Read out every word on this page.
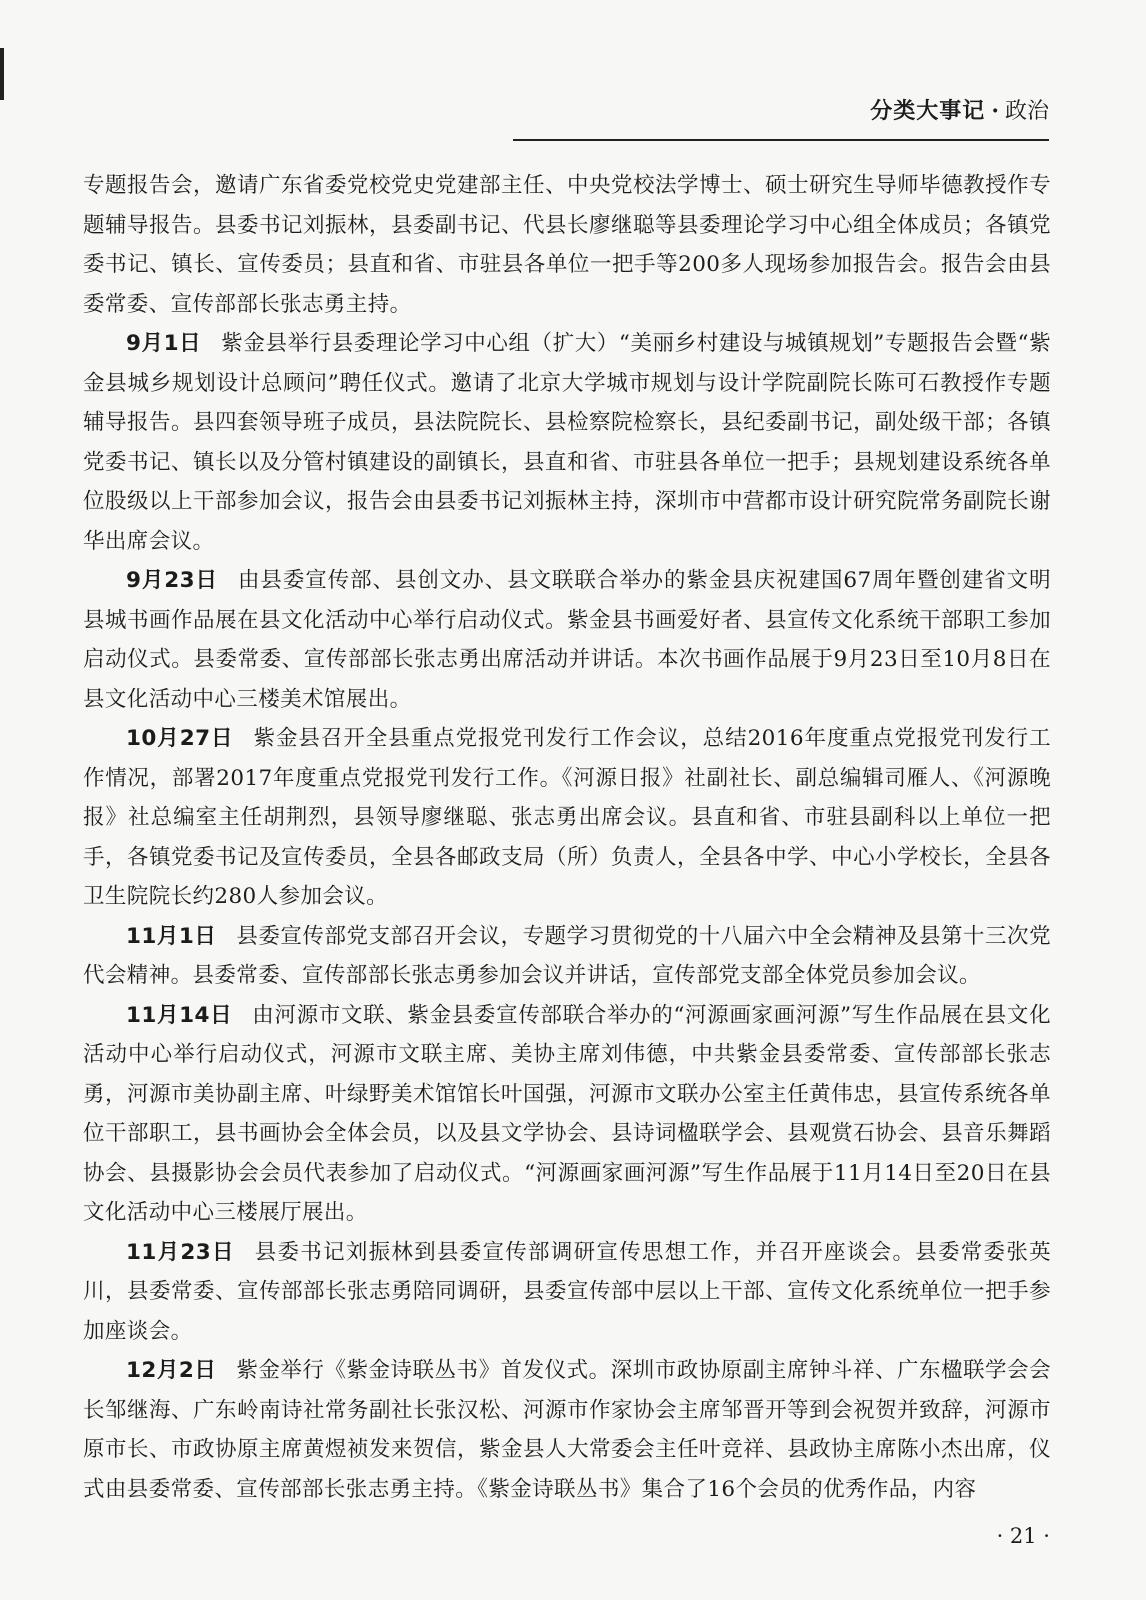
分类大事记 · 政治

专题报告会，邀请广东省委党校党史党建部主任、中央党校法学博士、硕士研究生导师毕德教授作专题辅导报告。县委书记刘振林，县委副书记、代县长廖继聪等县委理论学习中心组全体成员；各镇党委书记、镇长、宣传委员；县直和省、市驻县各单位一把手等200多人现场参加报告会。报告会由县委常委、宣传部部长张志勇主持。

9月1日 紫金县举行县委理论学习中心组（扩大）“美丽乡村建设与城镇规划”专题报告会暨“紫金县城乡规划设计总顾问”聘任仪式。邀请了北京大学城市规划与设计学院副院长陈可石教授作专题辅导报告。县四套领导班子成员，县法院院长、县检察院检察长，县纪委副书记，副处级干部；各镇党委书记、镇长以及分管村镇建设的副镇长，县直和省、市驻县各单位一把手；县规划建设系统各单位股级以上干部参加会议，报告会由县委书记刘振林主持，深圳市中营都市设计研究院常务副院长谢华出席会议。

9月23日 由县委宣传部、县创文办、县文联联合举办的紫金县庆祝建国67周年暨创建省文明县城书画作品展在县文化活动中心举行启动仪式。紫金县书画爱好者、县宣传文化系统干部职工参加启动仪式。县委常委、宣传部部长张志勇出席活动并讲话。本次书画作品展于9月23日至10月8日在县文化活动中心三楼美术馆展出。

10月27日 紫金县召开全县重点党报党刊发行工作会议，总结2016年度重点党报党刊发行工作情况，部署2017年度重点党报党刊发行工作。《河源日报》社副社长、副总编辑司雁人、《河源晚报》社总编室主任胡荆烈，县领导廖继聪、张志勇出席会议。县直和省、市驻县副科以上单位一把手，各镇党委书记及宣传委员，全县各邮政支局（所）负责人，全县各中学、中心小学校长，全县各卫生院院长约280人参加会议。

11月1日 县委宣传部党支部召开会议，专题学习贯彻党的十八届六中全会精神及县第十三次党代会精神。县委常委、宣传部部长张志勇参加会议并讲话，宣传部党支部全体党员参加会议。

11月14日 由河源市文联、紫金县委宣传部联合举办的“河源画家画河源”写生作品展在县文化活动中心举行启动仪式，河源市文联主席、美协主席刘伟德，中共紫金县委常委、宣传部部长张志勇，河源市美协副主席、叶绿野美术馆馆长叶国强，河源市文联办公室主任黄伟忠，县宣传系统各单位干部职工，县书画协会全体会员，以及县文学协会、县诗词楹联学会、县观赏石协会、县音乐舞蹈协会、县摄影协会会员代表参加了启动仪式。“河源画家画河源”写生作品展于11月14日至20日在县文化活动中心三楼展厅展出。

11月23日 县委书记刘振林到县委宣传部调研宣传思想工作，并召开座谈会。县委常委张英川，县委常委、宣传部部长张志勇陪同调研，县委宣传部中层以上干部、宣传文化系统单位一把手参加座谈会。

12月2日 紫金举行《紫金诗联丛书》首发仪式。深圳市政协原副主席钟斗祥、广东楹联学会会长邹继海、广东岭南诗社常务副社长张汉松、河源市作家协会主席邹晋开等到会祝贺并致辞，河源市原市长、市政协原主席黄煜祯发来贺信，紫金县人大常委会主任叶竞祥、县政协主席陈小杰出席，仪式由县委常委、宣传部部长张志勇主持。《紫金诗联丛书》集合了16个会员的优秀作品，内容

· 21 ·
